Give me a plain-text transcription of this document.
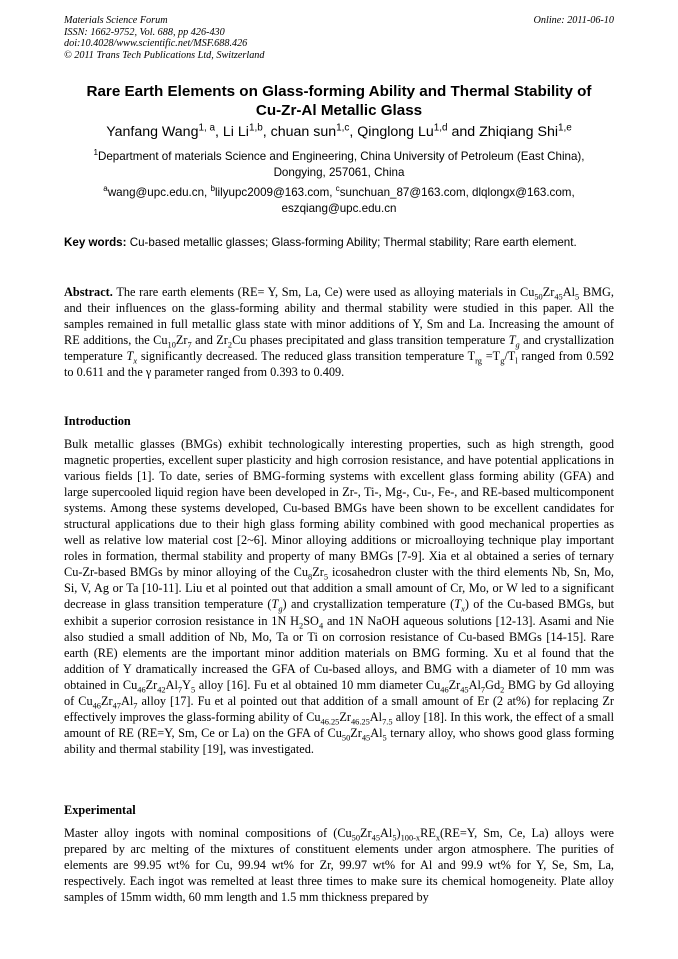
Materials Science Forum
ISSN: 1662-9752, Vol. 688, pp 426-430
doi:10.4028/www.scientific.net/MSF.688.426
© 2011 Trans Tech Publications Ltd, Switzerland
Online: 2011-06-10
Rare Earth Elements on Glass-forming Ability and Thermal Stability of
Cu-Zr-Al Metallic Glass
Yanfang Wang$^{1, a}$, Li Li$^{1,b}$, chuan sun$^{1,c}$, Qinglong Lu$^{1,d}$ and Zhiqiang Shi$^{1,e}$
$^1$Department of materials Science and Engineering, China University of Petroleum (East China),
Dongying, 257061, China
$^a$wang@upc.edu.cn, $^b$lilyupc2009@163.com, $^c$sunchuan_87@163.com, dlqlongx@163.com,
eszqiang@upc.edu.cn
Key words: Cu-based metallic glasses; Glass-forming Ability; Thermal stability; Rare earth element.
Abstract. The rare earth elements (RE= Y, Sm, La, Ce) were used as alloying materials in $Cu_{50}Zr_{45}Al_5$ BMG, and their influences on the glass-forming ability and thermal stability were studied in this paper. All the samples remained in full metallic glass state with minor additions of Y, Sm and La. Increasing the amount of RE additions, the $Cu_{10}Zr_7$ and $Zr_2Cu$ phases precipitated and glass transition temperature $T_g$ and crystallization temperature $T_x$ significantly decreased. The reduced glass transition temperature $T_{rg} =T_g/T_l$ ranged from 0.592 to 0.611 and the γ parameter ranged from 0.393 to 0.409.
Introduction
Bulk metallic glasses (BMGs) exhibit technologically interesting properties, such as high strength, good magnetic properties, excellent super plasticity and high corrosion resistance, and have potential applications in various fields [1]. To date, series of BMG-forming systems with excellent glass forming ability (GFA) and large supercooled liquid region have been developed in Zr-, Ti-, Mg-, Cu-, Fe-, and RE-based multicomponent systems. Among these systems developed, Cu-based BMGs have been shown to be excellent candidates for structural applications due to their high glass forming ability combined with good mechanical properties as well as relative low material cost [2~6]. Minor alloying additions or microalloying technique play important roles in formation, thermal stability and property of many BMGs [7-9]. Xia et al obtained a series of ternary Cu-Zr-based BMGs by minor alloying of the $Cu_8Zr_5$ icosahedron cluster with the third elements Nb, Sn, Mo, Si, V, Ag or Ta [10-11]. Liu et al pointed out that addition a small amount of Cr, Mo, or W led to a significant decrease in glass transition temperature $(T_g)$ and crystallization temperature $(T_x)$ of the Cu-based BMGs, but exhibit a superior corrosion resistance in 1N $H_2SO_4$ and 1N NaOH aqueous solutions [12-13]. Asami and Nie also studied a small addition of Nb, Mo, Ta or Ti on corrosion resistance of Cu-based BMGs [14-15]. Rare earth (RE) elements are the important minor addition materials on BMG forming. Xu et al found that the addition of Y dramatically increased the GFA of Cu-based alloys, and BMG with a diameter of 10 mm was obtained in $Cu_{46}Zr_{42}Al_7Y_5$ alloy [16]. Fu et al obtained 10 mm diameter $Cu_{46}Zr_{45}Al_7Gd_2$ BMG by Gd alloying of $Cu_{46}Zr_{47}Al_7$ alloy [17]. Fu et al pointed out that addition of a small amount of Er (2 at%) for replacing Zr effectively improves the glass-forming ability of $Cu_{46.25}Zr_{46.25}Al_{7.5}$ alloy [18]. In this work, the effect of a small amount of RE (RE=Y, Sm, Ce or La) on the GFA of $Cu_{50}Zr_{45}Al_5$ ternary alloy, who shows good glass forming ability and thermal stability [19], was investigated.
Experimental
Master alloy ingots with nominal compositions of $(Cu_{50}Zr_{45}Al_5)_{100-x}RE_x(RE=Y$, Sm, Ce, La) alloys were prepared by arc melting of the mixtures of constituent elements under argon atmosphere. The purities of elements are 99.95 wt% for Cu, 99.94 wt% for Zr, 99.97 wt% for Al and 99.9 wt% for Y, Se, Sm, La, respectively. Each ingot was remelted at least three times to make sure its chemical homogeneity. Plate alloy samples of 15mm width, 60 mm length and 1.5 mm thickness prepared by
